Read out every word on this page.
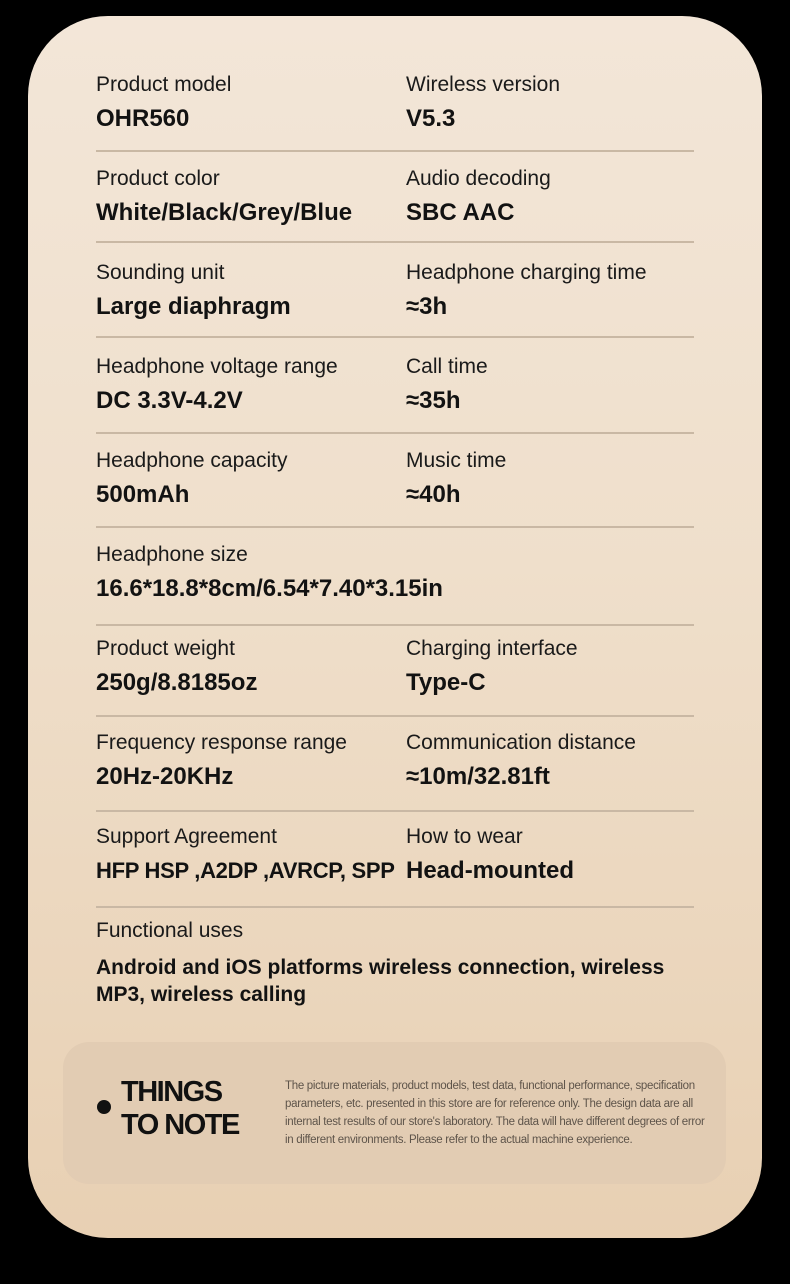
Product model
OHR560
Wireless version
V5.3
Product color
White/Black/Grey/Blue
Audio decoding
SBC AAC
Sounding unit
Large diaphragm
Headphone charging time
≈3h
Headphone voltage range
DC 3.3V-4.2V
Call time
≈35h
Headphone capacity
500mAh
Music time
≈40h
Headphone size
16.6*18.8*8cm/6.54*7.40*3.15in
Product weight
250g/8.8185oz
Charging interface
Type-C
Frequency response range
20Hz-20KHz
Communication distance
≈10m/32.81ft
Support Agreement
HFP HSP ,A2DP ,AVRCP, SPP
How to wear
Head-mounted
Functional uses
Android and iOS platforms wireless connection, wireless MP3, wireless calling
THINGS
TO NOTE
The picture materials, product models, test data, functional performance, specification parameters, etc. presented in this store are for reference only. The design data are all internal test results of our store's laboratory. The data will have different degrees of error in different environments. Please refer to the actual machine experience.
